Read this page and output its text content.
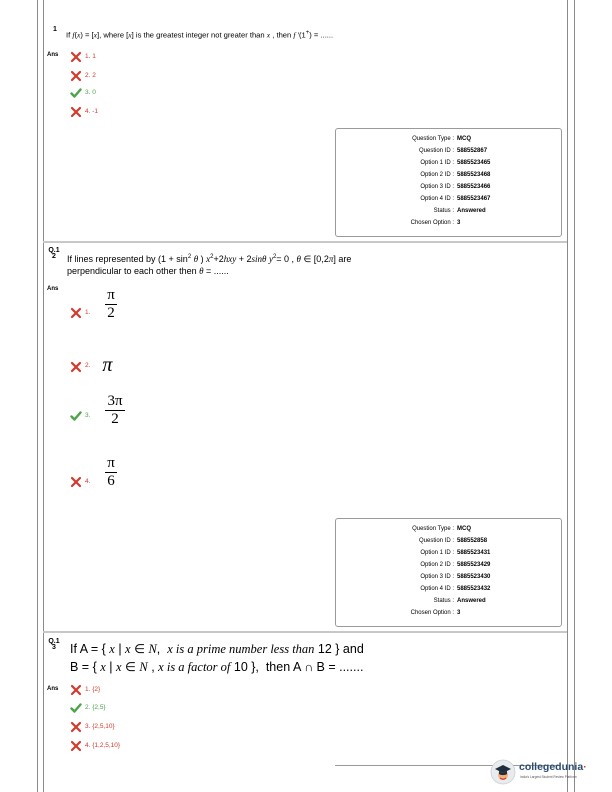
1
If f(x) = [x], where [x] is the greatest integer not greater than x , then f ′(1+) = ......
Ans	1. 1
2. 2
3. 0
4. -1
Question Type : MCQ
Question ID : 588552867
Option 1 ID : 5885523465
Option 2 ID : 5885523468
Option 3 ID : 5885523466
Option 4 ID : 5885523467
Status : Answered
Chosen Option : 3
Q.1
2	If lines represented by ($1 + \sin^2 \theta$ ) $x^2+2hxy + 2\sin\theta$ $y^2= 0$ , θ ∈ [0,2π] are
perpendicular to each other then θ = ......
Ans
1.
π
2
2. π
3.
3π
2
4.
π
6
Question Type : MCQ
Question ID : 588552858
Option 1 ID : 5885523431
Option 2 ID : 5885523429
Option 3 ID : 5885523430
Option 4 ID : 5885523432
Status : Answered
Chosen Option : 3
Q.1
3	If A = { x | x ∈ N,  x is a prime number less than 12 } and
B = { x | x ∈ N , x is a factor of 10 },  then A ∩ B = .......
Ans	1. {2}
2. {2,5}
3. {2,5,10}
4. {1,2,5,10}
collegedunia·
India's Largest Student Review Platform
